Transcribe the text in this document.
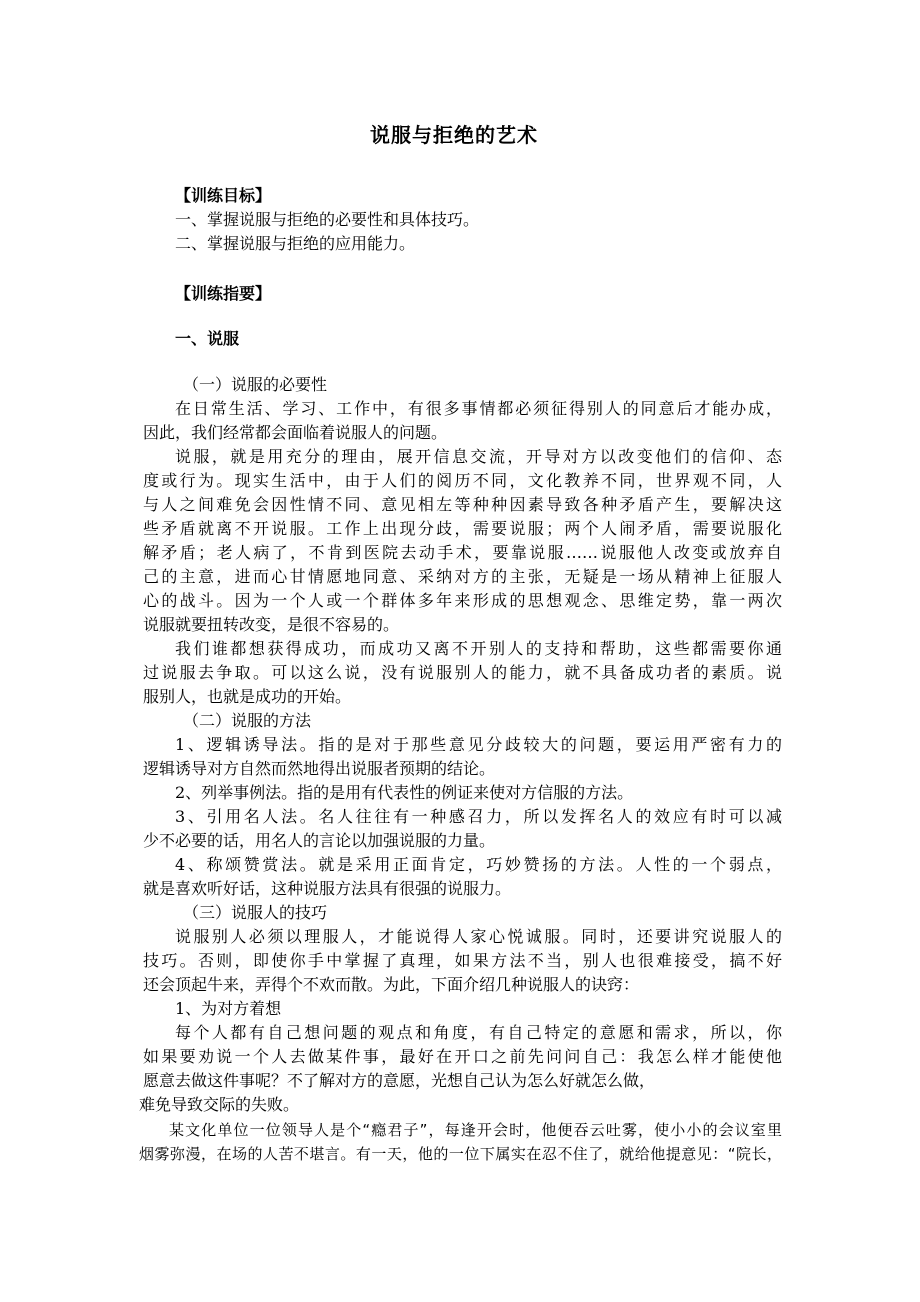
说服与拒绝的艺术
【训练目标】
一、掌握说服与拒绝的必要性和具体技巧。
二、掌握说服与拒绝的应用能力。
【训练指要】
一、说服
（一）说服的必要性
在日常生活、学习、工作中，有很多事情都必须征得别人的同意后才能办成，
因此，我们经常都会面临着说服人的问题。
说服，就是用充分的理由，展开信息交流，开导对方以改变他们的信仰、态
度或行为。现实生活中，由于人们的阅历不同，文化教养不同，世界观不同，人
与人之间难免会因性情不同、意见相左等种种因素导致各种矛盾产生，要解决这
些矛盾就离不开说服。工作上出现分歧，需要说服；两个人闹矛盾，需要说服化
解矛盾；老人病了，不肯到医院去动手术，要靠说服……说服他人改变或放弃自
己的主意，进而心甘情愿地同意、采纳对方的主张，无疑是一场从精神上征服人
心的战斗。因为一个人或一个群体多年来形成的思想观念、思维定势，靠一两次
说服就要扭转改变，是很不容易的。
我们谁都想获得成功，而成功又离不开别人的支持和帮助，这些都需要你通
过说服去争取。可以这么说，没有说服别人的能力，就不具备成功者的素质。说
服别人，也就是成功的开始。
（二）说服的方法
1、逻辑诱导法。指的是对于那些意见分歧较大的问题，要运用严密有力的
逻辑诱导对方自然而然地得出说服者预期的结论。
2、列举事例法。指的是用有代表性的例证来使对方信服的方法。
3、引用名人法。名人往往有一种感召力，所以发挥名人的效应有时可以减
少不必要的话，用名人的言论以加强说服的力量。
4、称颂赞赏法。就是采用正面肯定，巧妙赞扬的方法。人性的一个弱点，
就是喜欢听好话，这种说服方法具有很强的说服力。
（三）说服人的技巧
说服别人必须以理服人，才能说得人家心悦诚服。同时，还要讲究说服人的
技巧。否则，即使你手中掌握了真理，如果方法不当，别人也很难接受，搞不好
还会顶起牛来，弄得个不欢而散。为此，下面介绍几种说服人的诀窍：
1、为对方着想
每个人都有自己想问题的观点和角度，有自己特定的意愿和需求，所以，你
如果要劝说一个人去做某件事，最好在开口之前先问问自己：我怎么样才能使他
愿意去做这件事呢？不了解对方的意愿，光想自己认为怎么好就怎么做，
难免导致交际的失败。
某文化单位一位领导人是个“瘾君子”，每逢开会时，他便吞云吐雾，使小小的会议室里
烟雾弥漫，在场的人苦不堪言。有一天，他的一位下属实在忍不住了，就给他提意见：“院长，
